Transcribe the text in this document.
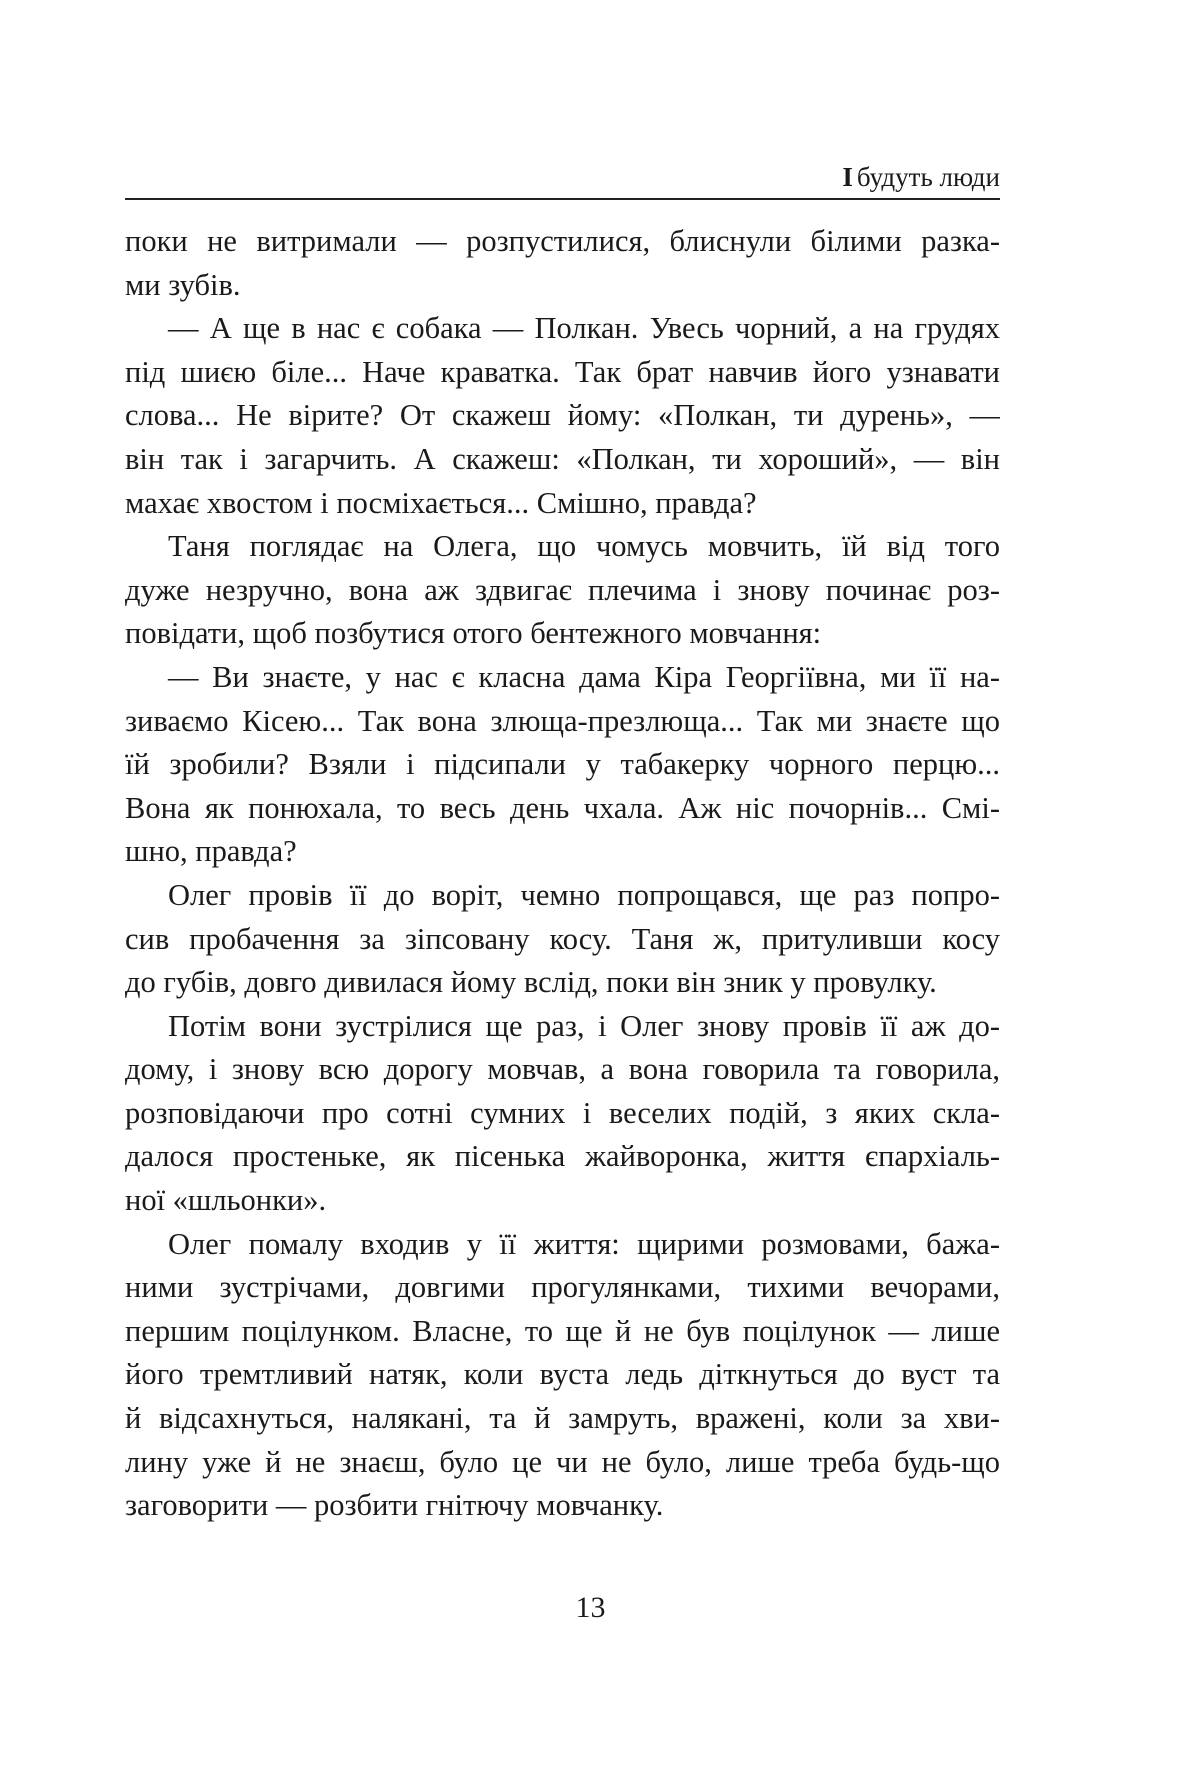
І будуть люди
поки не витримали — розпустилися, блиснули білими разка-
ми зубів.
— А ще в нас є собака — Полкан. Увесь чорний, а на грудях
під шиєю біле... Наче краватка. Так брат навчив його узнавати
слова... Не вірите? От скажеш йому: «Полкан, ти дурень», —
він так і загарчить. А скажеш: «Полкан, ти хороший», — він
махає хвостом і посміхається... Смішно, правда?
Таня поглядає на Олега, що чомусь мовчить, їй від того
дуже незручно, вона аж здвигає плечима і знову починає роз-
повідати, щоб позбутися отого бентежного мовчання:
— Ви знаєте, у нас є класна дама Кіра Георгіївна, ми її на-
зиваємо Кісею... Так вона злюща-презлюща... Так ми знаєте що
їй зробили? Взяли і підсипали у табакерку чорного перцю...
Вона як понюхала, то весь день чхала. Аж ніс почорнів... Смі-
шно, правда?
Олег провів її до воріт, чемно попрощався, ще раз попро-
сив пробачення за зіпсовану косу. Таня ж, притуливши косу
до губів, довго дивилася йому вслід, поки він зник у провулку.
Потім вони зустрілися ще раз, і Олег знову провів її аж до-
дому, і знову всю дорогу мовчав, а вона говорила та говорила,
розповідаючи про сотні сумних і веселих подій, з яких скла-
далося простеньке, як пісенька жайворонка, життя єпархіаль-
ної «шльонки».
Олег помалу входив у її життя: щирими розмовами, бажа-
ними зустрічами, довгими прогулянками, тихими вечорами,
першим поцілунком. Власне, то ще й не був поцілунок — лише
його тремтливий натяк, коли вуста ледь діткнуться до вуст та
й відсахнуться, налякані, та й замруть, вражені, коли за хви-
лину уже й не знаєш, було це чи не було, лише треба будь-що
заговорити — розбити гнітючу мовчанку.
13
